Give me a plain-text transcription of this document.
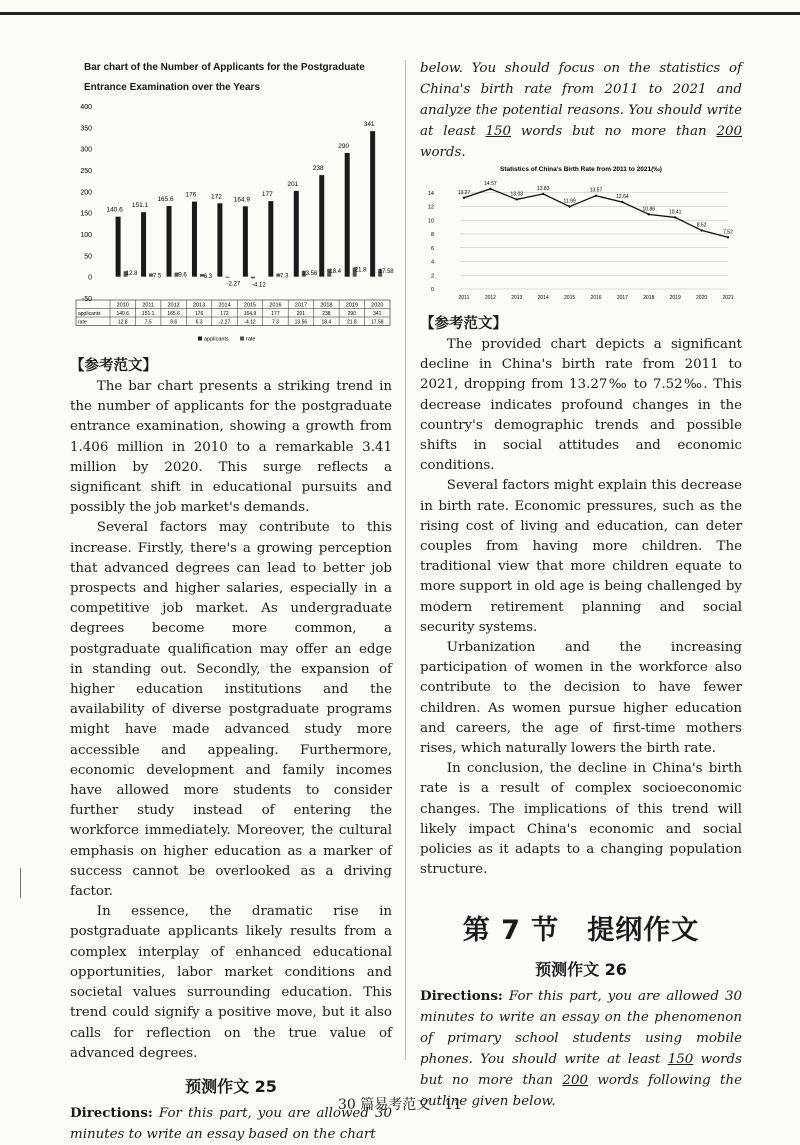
Bar chart of the Number of Applicants for the Postgraduate
Entrance Examination over the Years
-50
0
50
100
150
200
250
300
350
400
140.6
12.8
151.1
7.5
165.6
9.6
176
6.3
172
-2.27
164.9
-4.12
177
7.3
201
13.56
238
18.4
290
21.8
341
17.58
applicants
rate
2010
140.6
12.8
2011
151.1
7.5
2012
165.6
9.6
2013
176
6.3
2014
172
-2.27
2015
164.9
-4.12
2016
177
7.3
2017
201
13.56
2018
238
18.4
2019
290
21.8
2020
341
17.58
applicants	rate
【参考范文】

The bar chart presents a striking trend in the number of applicants for the postgraduate entrance examination, showing a growth from 1.406 million in 2010 to a remarkable 3.41 million by 2020. This surge reflects a significant shift in educational pursuits and possibly the job market's demands.

Several factors may contribute to this increase. Firstly, there's a growing perception that advanced degrees can lead to better job prospects and higher salaries, especially in a competitive job market. As undergraduate degrees become more common, a postgraduate qualification may offer an edge in standing out. Secondly, the expansion of higher education institutions and the availability of diverse postgraduate programs might have made advanced study more accessible and appealing. Furthermore, economic development and family incomes have allowed more students to consider further study instead of entering the workforce immediately. Moreover, the cultural emphasis on higher education as a marker of success cannot be overlooked as a driving factor.

In essence, the dramatic rise in postgraduate applicants likely results from a complex interplay of enhanced educational opportunities, labor market conditions and societal values surrounding education. This trend could signify a positive move, but it also calls for reflection on the true value of advanced degrees.

预测作文 25

Directions: For this part, you are allowed 30 minutes to write an essay based on the chart

below. You should focus on the statistics of China's birth rate from 2011 to 2021 and analyze the potential reasons. You should write at least 150 words but no more than 200 words.

Statistics of China's Birth Rate from 2011 to 2021(‰)
0
2
4
6
8
10
12
14	13.27
2011
14.57
2012
13.03
2013
13.83
2014
11.99
2015
13.57
2016
12.64
2017
10.86
2018
10.41
2019
8.52
2020
7.52
2021
【参考范文】

The provided chart depicts a significant decline in China's birth rate from 2011 to 2021, dropping from 13.27‰ to 7.52‰. This decrease indicates profound changes in the country's demographic trends and possible shifts in social attitudes and economic conditions.

Several factors might explain this decrease in birth rate. Economic pressures, such as the rising cost of living and education, can deter couples from having more children. The traditional view that more children equate to more support in old age is being challenged by modern retirement planning and social security systems.

Urbanization and the increasing participation of women in the workforce also contribute to the decision to have fewer children. As women pursue higher education and careers, the age of first-time mothers rises, which naturally lowers the birth rate.

In conclusion, the decline in China's birth rate is a result of complex socioeconomic changes. The implications of this trend will likely impact China's economic and social policies as it adapts to a changing population structure.

第 7 节　提纲作文
预测作文 26

Directions: For this part, you are allowed 30 minutes to write an essay on the phenomenon of primary school students using mobile phones. You should write at least 150 words but no more than 200 words following the outline given below.

30 篇易考范文　11
